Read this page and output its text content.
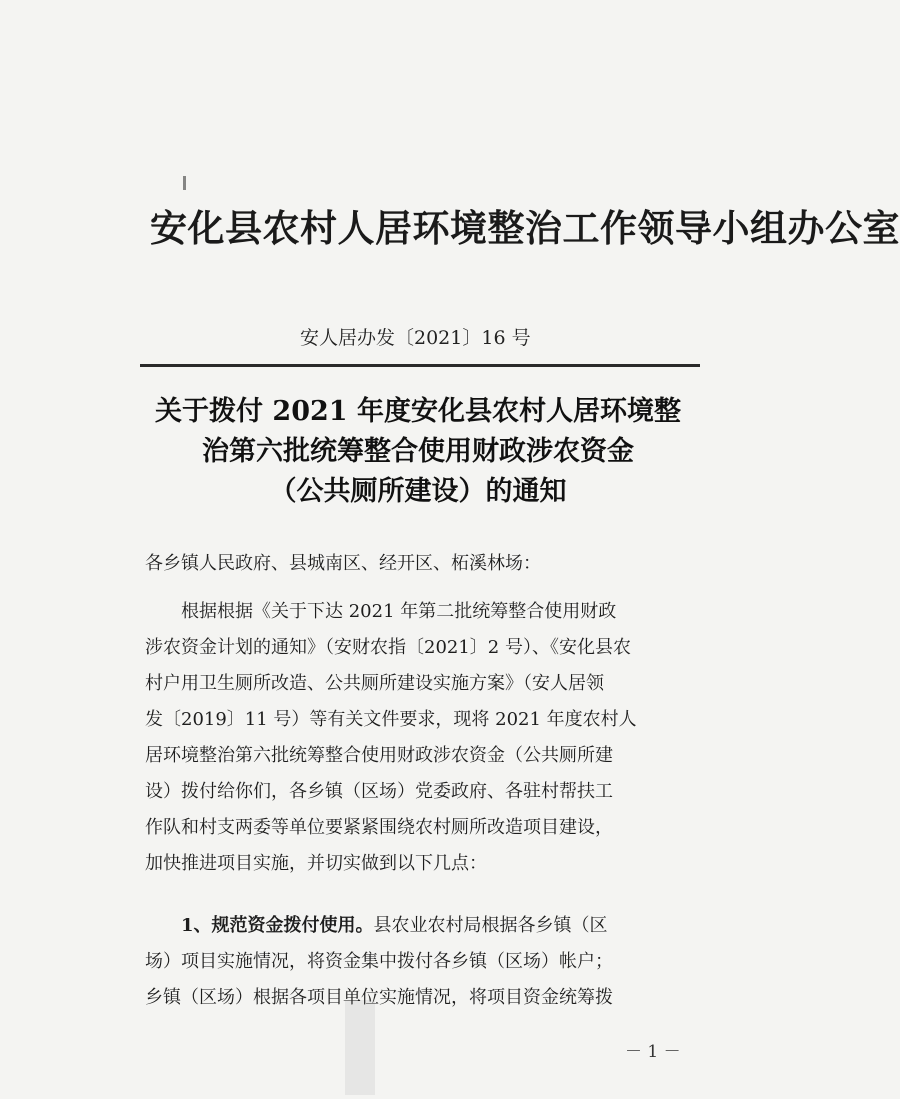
安化县农村人居环境整治工作领导小组办公室
安人居办发〔2021〕16 号
关于拨付 2021 年度安化县农村人居环境整
治第六批统筹整合使用财政涉农资金
（公共厕所建设）的通知
各乡镇人民政府、县城南区、经开区、柘溪林场：
根据根据《关于下达 2021 年第二批统筹整合使用财政
涉农资金计划的通知》（安财农指〔2021〕2 号）、《安化县农
村户用卫生厕所改造、公共厕所建设实施方案》（安人居领
发〔2019〕11 号）等有关文件要求，现将 2021 年度农村人
居环境整治第六批统筹整合使用财政涉农资金（公共厕所建
设）拨付给你们，各乡镇（区场）党委政府、各驻村帮扶工
作队和村支两委等单位要紧紧围绕农村厕所改造项目建设，
加快推进项目实施，并切实做到以下几点：
1、规范资金拨付使用。县农业农村局根据各乡镇（区
场）项目实施情况，将资金集中拨付各乡镇（区场）帐户；
乡镇（区场）根据各项目单位实施情况，将项目资金统筹拨
－ 1 －
